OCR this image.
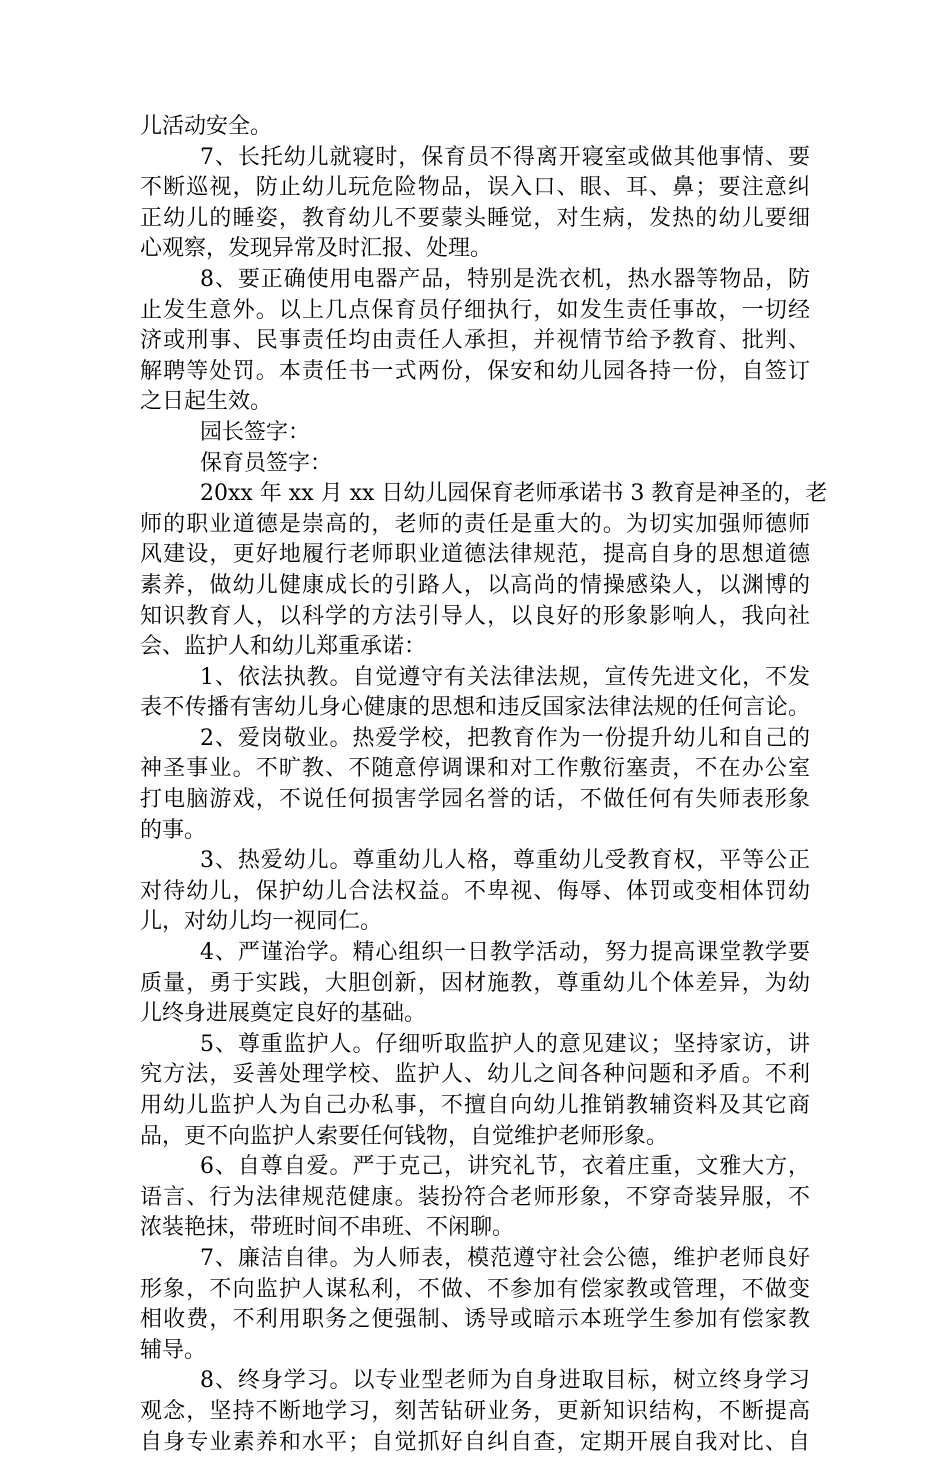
儿活动安全。
7、长托幼儿就寝时，保育员不得离开寝室或做其他事情、要
不断巡视，防止幼儿玩危险物品，误入口、眼、耳、鼻；要注意纠
正幼儿的睡姿，教育幼儿不要蒙头睡觉，对生病，发热的幼儿要细
心观察，发现异常及时汇报、处理。
8、要正确使用电器产品，特别是洗衣机，热水器等物品，防
止发生意外。以上几点保育员仔细执行，如发生责任事故，一切经
济或刑事、民事责任均由责任人承担，并视情节给予教育、批判、
解聘等处罚。本责任书一式两份，保安和幼儿园各持一份，自签订
之日起生效。
园长签字：
保育员签字：
20xx 年 xx 月 xx 日幼儿园保育老师承诺书 3 教育是神圣的，老
师的职业道德是崇高的，老师的责任是重大的。为切实加强师德师
风建设，更好地履行老师职业道德法律规范，提高自身的思想道德
素养，做幼儿健康成长的引路人，以高尚的情操感染人，以渊博的
知识教育人，以科学的方法引导人，以良好的形象影响人，我向社
会、监护人和幼儿郑重承诺：
1、依法执教。自觉遵守有关法律法规，宣传先进文化，不发
表不传播有害幼儿身心健康的思想和违反国家法律法规的任何言论。
2、爱岗敬业。热爱学校，把教育作为一份提升幼儿和自己的
神圣事业。不旷教、不随意停调课和对工作敷衍塞责，不在办公室
打电脑游戏，不说任何损害学园名誉的话，不做任何有失师表形象
的事。
3、热爱幼儿。尊重幼儿人格，尊重幼儿受教育权，平等公正
对待幼儿，保护幼儿合法权益。不卑视、侮辱、体罚或变相体罚幼
儿，对幼儿均一视同仁。
4、严谨治学。精心组织一日教学活动，努力提高课堂教学要
质量，勇于实践，大胆创新，因材施教，尊重幼儿个体差异，为幼
儿终身进展奠定良好的基础。
5、尊重监护人。仔细听取监护人的意见建议；坚持家访，讲
究方法，妥善处理学校、监护人、幼儿之间各种问题和矛盾。不利
用幼儿监护人为自己办私事，不擅自向幼儿推销教辅资料及其它商
品，更不向监护人索要任何钱物，自觉维护老师形象。
6、自尊自爱。严于克己，讲究礼节，衣着庄重，文雅大方，
语言、行为法律规范健康。装扮符合老师形象，不穿奇装异服，不
浓装艳抹，带班时间不串班、不闲聊。
7、廉洁自律。为人师表，模范遵守社会公德，维护老师良好
形象，不向监护人谋私利，不做、不参加有偿家教或管理，不做变
相收费，不利用职务之便强制、诱导或暗示本班学生参加有偿家教
辅导。
8、终身学习。以专业型老师为自身进取目标，树立终身学习
观念，坚持不断地学习，刻苦钻研业务，更新知识结构，不断提高
自身专业素养和水平；自觉抓好自纠自查，定期开展自我对比、自
